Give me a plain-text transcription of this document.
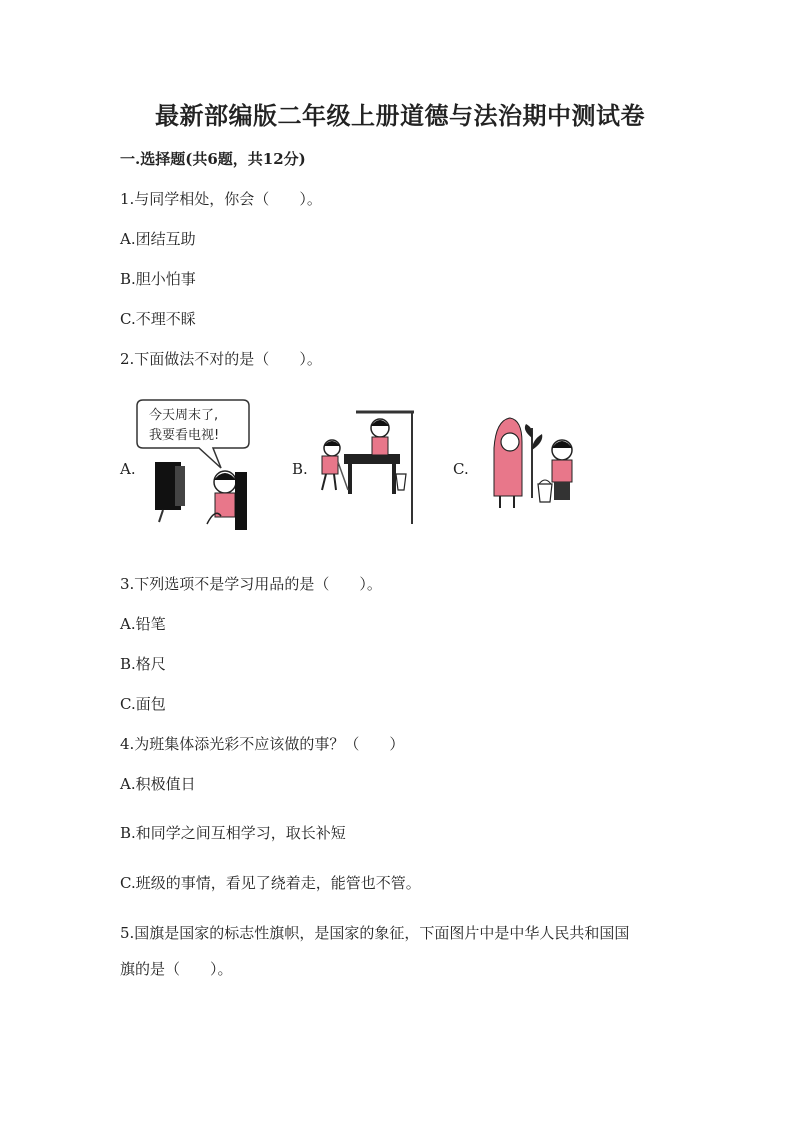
最新部编版二年级上册道德与法治期中测试卷
一.选择题(共6题，共12分)
1.与同学相处，你会（　　）。
A.团结互助
B.胆小怕事
C.不理不睬
2.下面做法不对的是（　　）。
A.
今天周末了,
我要看电视!
B.	C.
3.下列选项不是学习用品的是（　　）。
A.铅笔
B.格尺
C.面包
4.为班集体添光彩不应该做的事？（　　）
A.积极值日
B.和同学之间互相学习，取长补短
C.班级的事情，看见了绕着走，能管也不管。
5.国旗是国家的标志性旗帜，是国家的象征，下面图片中是中华人民共和国国
旗的是（　　）。
